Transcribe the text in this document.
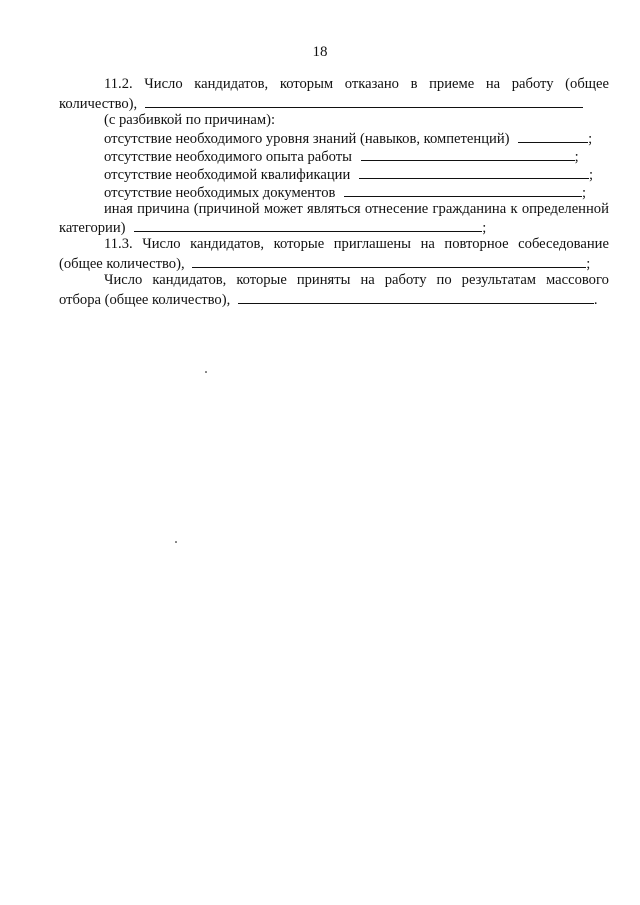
18
11.2. Число кандидатов, которым отказано в приеме на работу (общее
количество),
(с разбивкой по причинам):
отсутствие необходимого уровня знаний (навыков, компетенций)	;
отсутствие необходимого опыта работы	;
отсутствие необходимой квалификации	;
отсутствие необходимых документов	;
иная причина (причиной может являться отнесение гражданина к определенной
категории)	;
11.3. Число кандидатов, которые приглашены на повторное собеседование
(общее количество),	;
Число кандидатов, которые приняты на работу по результатам массового
отбора (общее количество),	.
